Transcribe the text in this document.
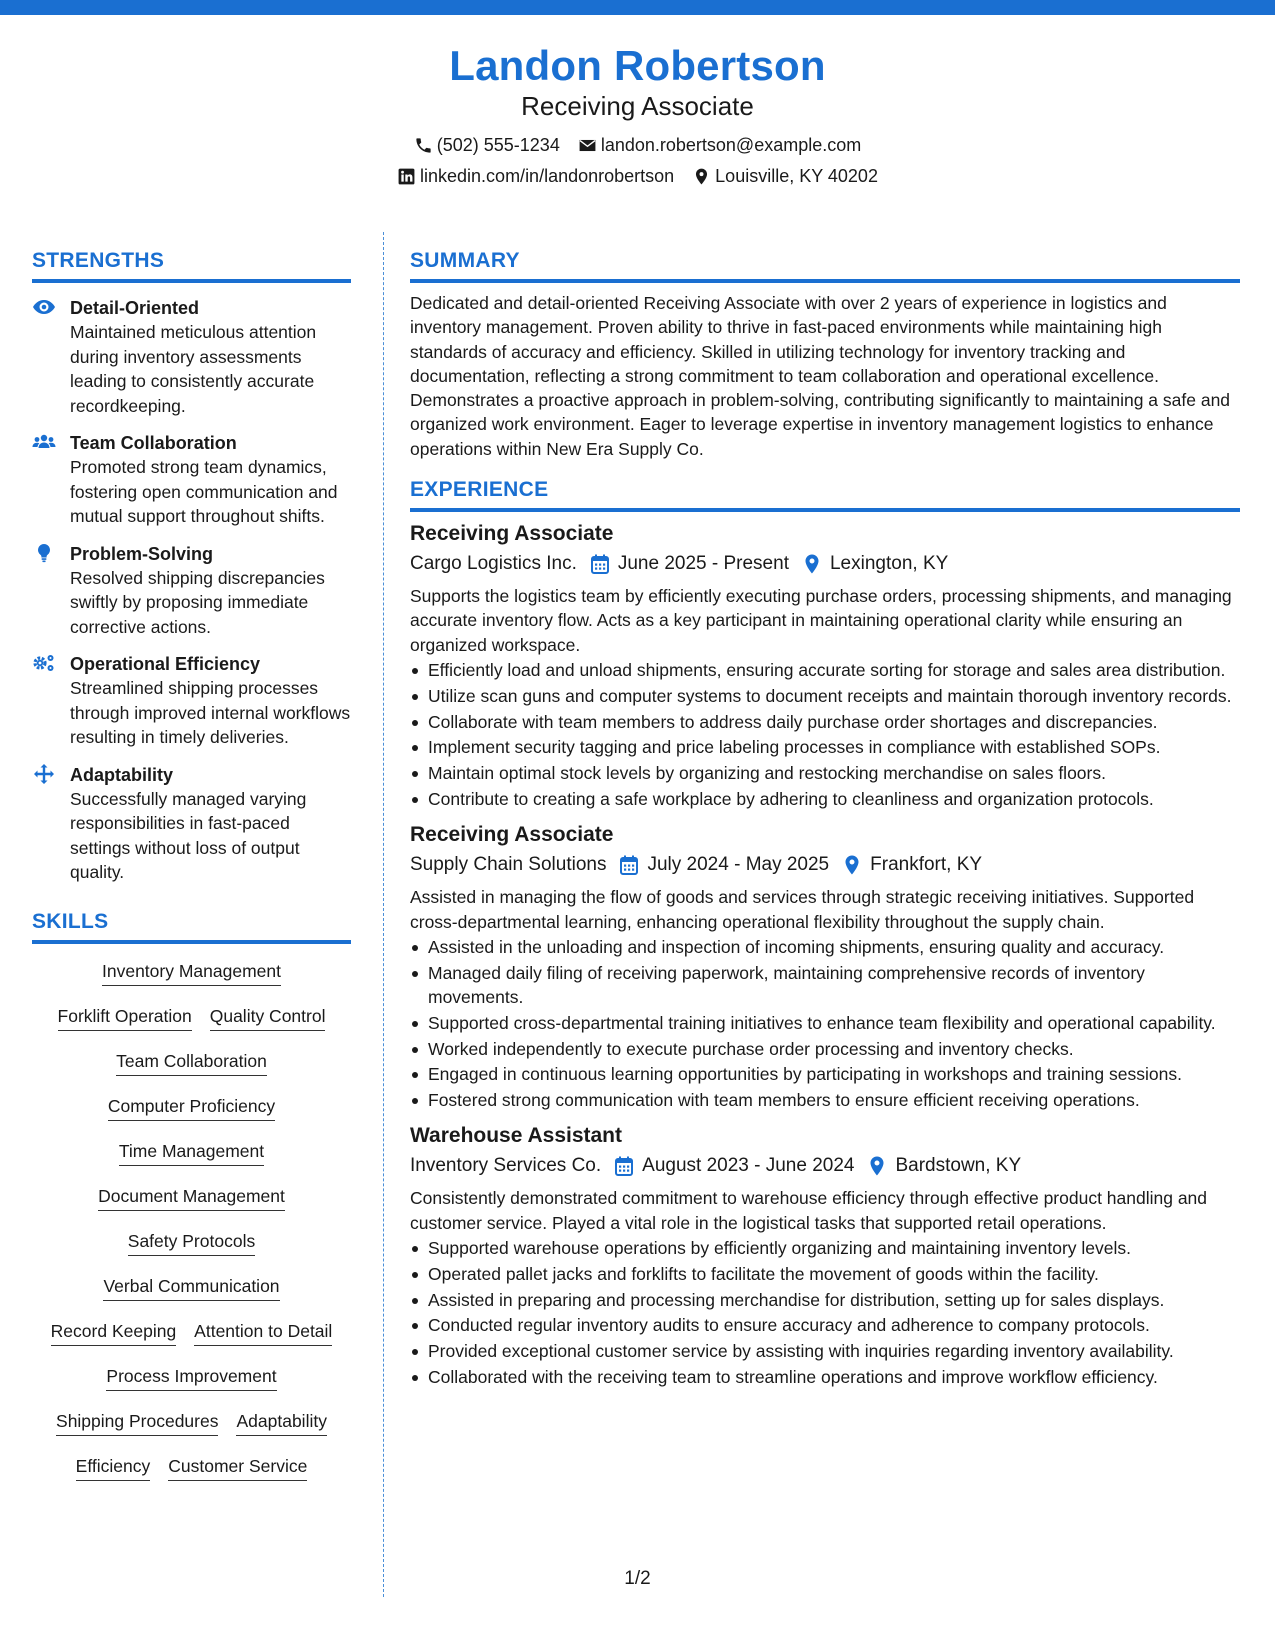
Landon Robertson
Receiving Associate
(502) 555-1234 landon.robertson@example.com
linkedin.com/in/landonrobertson Louisville, KY 40202
STRENGTHS
Detail-Oriented
Maintained meticulous attention during inventory assessments leading to consistently accurate recordkeeping.
Team Collaboration
Promoted strong team dynamics, fostering open communication and mutual support throughout shifts.
Problem-Solving
Resolved shipping discrepancies swiftly by proposing immediate corrective actions.
Operational Efficiency
Streamlined shipping processes through improved internal workflows resulting in timely deliveries.
Adaptability
Successfully managed varying responsibilities in fast-paced settings without loss of output quality.
SKILLS
Inventory Management
Forklift Operation Quality Control
Team Collaboration
Computer Proficiency
Time Management
Document Management
Safety Protocols
Verbal Communication
Record Keeping Attention to Detail
Process Improvement
Shipping Procedures Adaptability
Efficiency Customer Service
SUMMARY
Dedicated and detail-oriented Receiving Associate with over 2 years of experience in logistics and inventory management. Proven ability to thrive in fast-paced environments while maintaining high standards of accuracy and efficiency. Skilled in utilizing technology for inventory tracking and documentation, reflecting a strong commitment to team collaboration and operational excellence. Demonstrates a proactive approach in problem-solving, contributing significantly to maintaining a safe and organized work environment. Eager to leverage expertise in inventory management logistics to enhance operations within New Era Supply Co.
EXPERIENCE
Receiving Associate
Cargo Logistics Inc. June 2025 - Present Lexington, KY
Supports the logistics team by efficiently executing purchase orders, processing shipments, and managing accurate inventory flow. Acts as a key participant in maintaining operational clarity while ensuring an organized workspace.
Efficiently load and unload shipments, ensuring accurate sorting for storage and sales area distribution.
Utilize scan guns and computer systems to document receipts and maintain thorough inventory records.
Collaborate with team members to address daily purchase order shortages and discrepancies.
Implement security tagging and price labeling processes in compliance with established SOPs.
Maintain optimal stock levels by organizing and restocking merchandise on sales floors.
Contribute to creating a safe workplace by adhering to cleanliness and organization protocols.
Receiving Associate
Supply Chain Solutions July 2024 - May 2025 Frankfort, KY
Assisted in managing the flow of goods and services through strategic receiving initiatives. Supported cross-departmental learning, enhancing operational flexibility throughout the supply chain.
Assisted in the unloading and inspection of incoming shipments, ensuring quality and accuracy.
Managed daily filing of receiving paperwork, maintaining comprehensive records of inventory movements.
Supported cross-departmental training initiatives to enhance team flexibility and operational capability.
Worked independently to execute purchase order processing and inventory checks.
Engaged in continuous learning opportunities by participating in workshops and training sessions.
Fostered strong communication with team members to ensure efficient receiving operations.
Warehouse Assistant
Inventory Services Co. August 2023 - June 2024 Bardstown, KY
Consistently demonstrated commitment to warehouse efficiency through effective product handling and customer service. Played a vital role in the logistical tasks that supported retail operations.
Supported warehouse operations by efficiently organizing and maintaining inventory levels.
Operated pallet jacks and forklifts to facilitate the movement of goods within the facility.
Assisted in preparing and processing merchandise for distribution, setting up for sales displays.
Conducted regular inventory audits to ensure accuracy and adherence to company protocols.
Provided exceptional customer service by assisting with inquiries regarding inventory availability.
Collaborated with the receiving team to streamline operations and improve workflow efficiency.
1/2
